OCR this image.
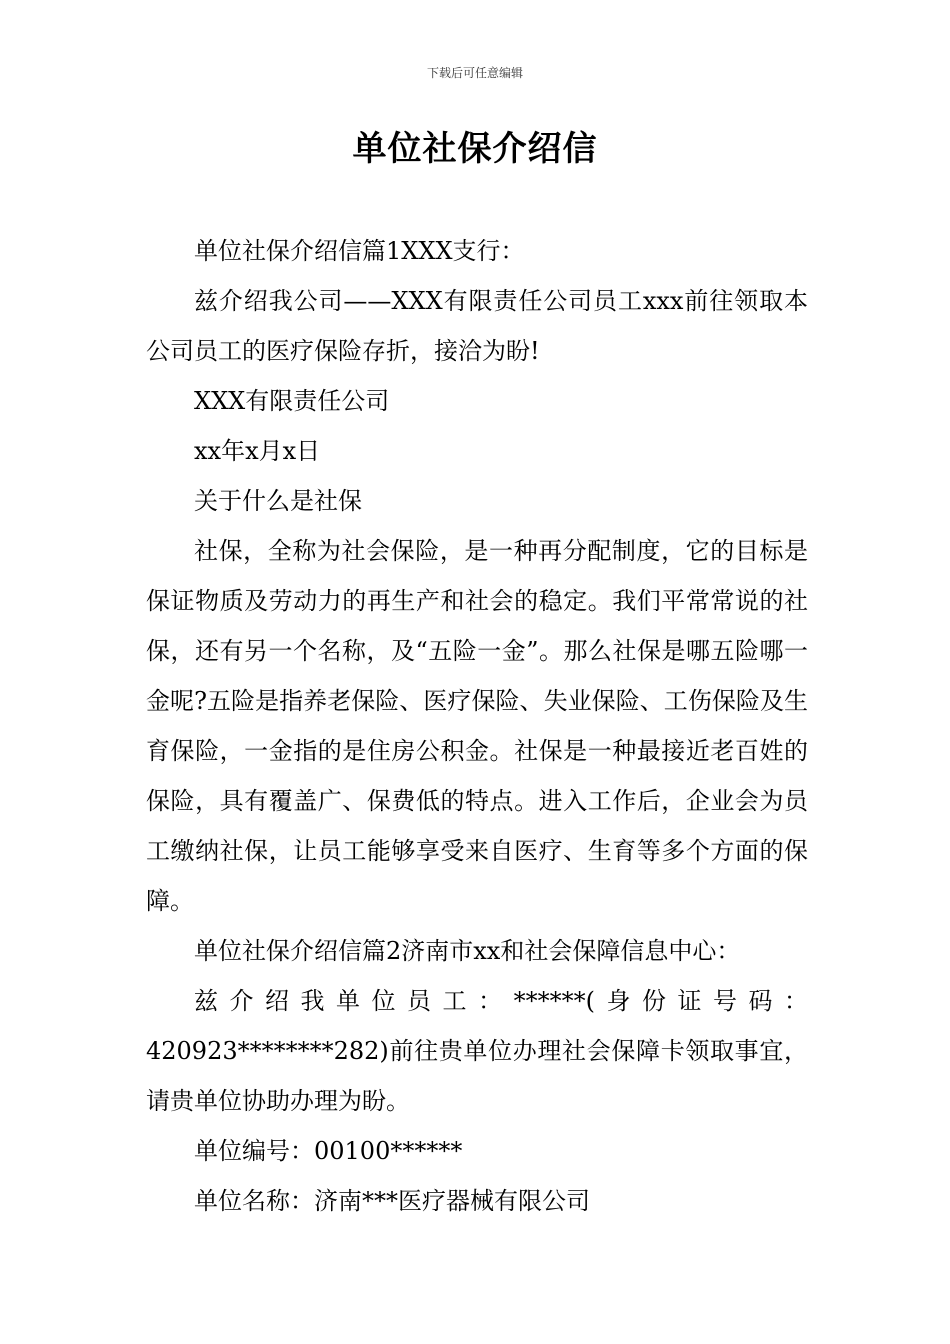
下载后可任意编辑
单位社保介绍信

单位社保介绍信篇1XXX支行：

兹介绍我公司——XXX有限责任公司员工xxx前往领取本公司员工的医疗保险存折，接洽为盼!

XXX有限责任公司

xx年x月x日

关于什么是社保

社保，全称为社会保险，是一种再分配制度，它的目标是保证物质及劳动力的再生产和社会的稳定。我们平常常说的社保，还有另一个名称，及“五险一金”。那么社保是哪五险哪一金呢?五险是指养老保险、医疗保险、失业保险、工伤保险及生育保险，一金指的是住房公积金。社保是一种最接近老百姓的保险，具有覆盖广、保费低的特点。进入工作后，企业会为员工缴纳社保，让员工能够享受来自医疗、生育等多个方面的保障。

单位社保介绍信篇2济南市xx和社会保障信息中心：

兹介绍我单位员工：******(身份证号码：420923********282)前往贵单位办理社会保障卡领取事宜，请贵单位协助办理为盼。

单位编号：00100******

单位名称：济南***医疗器械有限公司
